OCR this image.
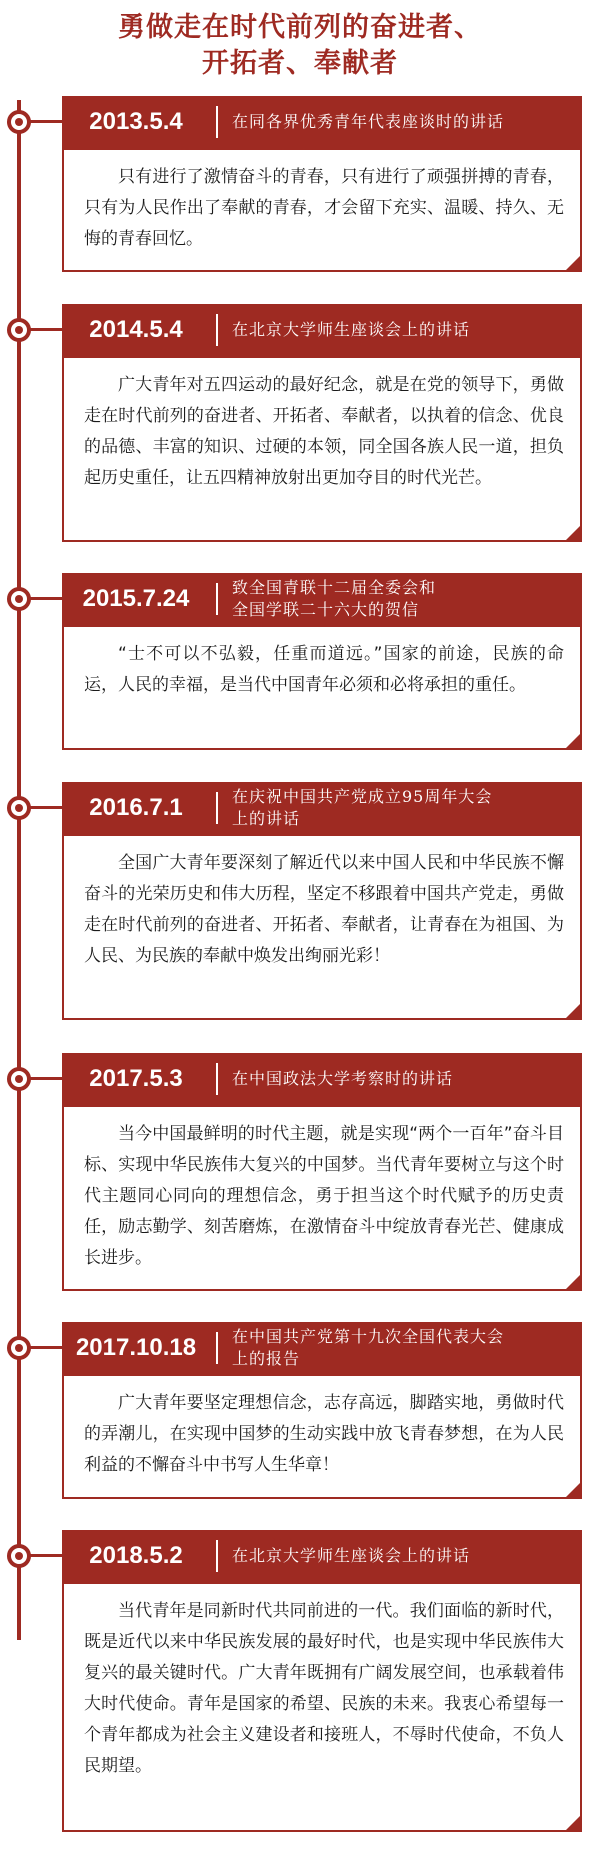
勇做走在时代前列的奋进者、
开拓者、奉献者
2013.5.4	在同各界优秀青年代表座谈时的讲话
只有进行了激情奋斗的青春，只有进行了顽强拼搏的青春，只有为人民作出了奉献的青春，才会留下充实、温暖、持久、无悔的青春回忆。
2014.5.4	在北京大学师生座谈会上的讲话
广大青年对五四运动的最好纪念，就是在党的领导下，勇做走在时代前列的奋进者、开拓者、奉献者，以执着的信念、优良的品德、丰富的知识、过硬的本领，同全国各族人民一道，担负起历史重任，让五四精神放射出更加夺目的时代光芒。
2015.7.24	致全国青联十二届全委会和
全国学联二十六大的贺信
“士不可以不弘毅，任重而道远。”国家的前途，民族的命运，人民的幸福，是当代中国青年必须和必将承担的重任。
2016.7.1	在庆祝中国共产党成立95周年大会
上的讲话
全国广大青年要深刻了解近代以来中国人民和中华民族不懈奋斗的光荣历史和伟大历程，坚定不移跟着中国共产党走，勇做走在时代前列的奋进者、开拓者、奉献者，让青春在为祖国、为人民、为民族的奉献中焕发出绚丽光彩！
2017.5.3	在中国政法大学考察时的讲话
当今中国最鲜明的时代主题，就是实现“两个一百年”奋斗目标、实现中华民族伟大复兴的中国梦。当代青年要树立与这个时代主题同心同向的理想信念，勇于担当这个时代赋予的历史责任，励志勤学、刻苦磨炼，在激情奋斗中绽放青春光芒、健康成长进步。
2017.10.18	在中国共产党第十九次全国代表大会
上的报告
广大青年要坚定理想信念，志存高远，脚踏实地，勇做时代的弄潮儿，在实现中国梦的生动实践中放飞青春梦想，在为人民利益的不懈奋斗中书写人生华章！
2018.5.2	在北京大学师生座谈会上的讲话
当代青年是同新时代共同前进的一代。我们面临的新时代，既是近代以来中华民族发展的最好时代，也是实现中华民族伟大复兴的最关键时代。广大青年既拥有广阔发展空间，也承载着伟大时代使命。青年是国家的希望、民族的未来。我衷心希望每一个青年都成为社会主义建设者和接班人，不辱时代使命，不负人民期望。
